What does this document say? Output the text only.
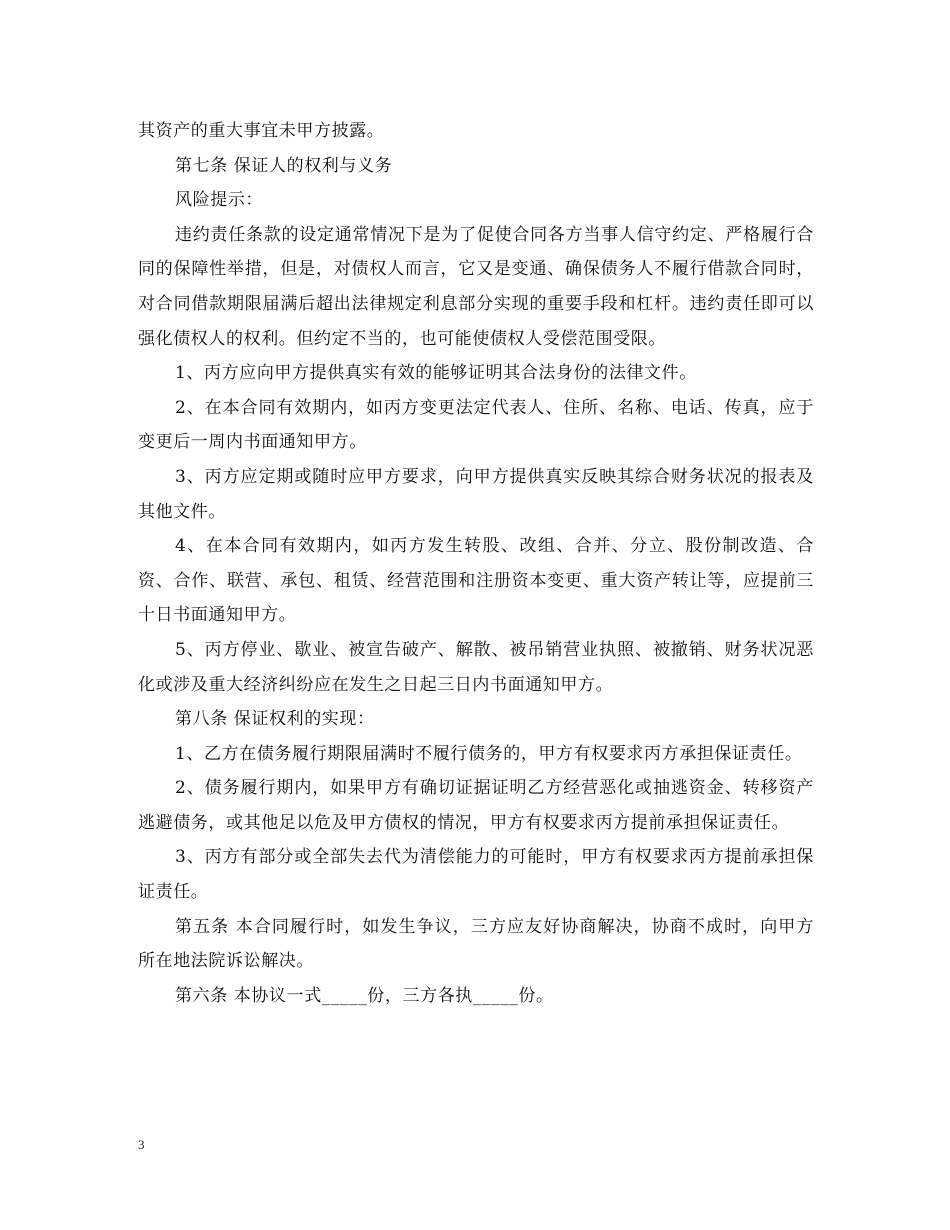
其资产的重大事宜未甲方披露。

第七条 保证人的权利与义务

风险提示：

违约责任条款的设定通常情况下是为了促使合同各方当事人信守约定、严格履行合同的保障性举措，但是，对债权人而言，它又是变通、确保债务人不履行借款合同时，对合同借款期限届满后超出法律规定利息部分实现的重要手段和杠杆。违约责任即可以强化债权人的权利。但约定不当的，也可能使债权人受偿范围受限。

1、丙方应向甲方提供真实有效的能够证明其合法身份的法律文件。

2、在本合同有效期内，如丙方变更法定代表人、住所、名称、电话、传真，应于变更后一周内书面通知甲方。

3、丙方应定期或随时应甲方要求，向甲方提供真实反映其综合财务状况的报表及其他文件。

4、在本合同有效期内，如丙方发生转股、改组、合并、分立、股份制改造、合资、合作、联营、承包、租赁、经营范围和注册资本变更、重大资产转让等，应提前三十日书面通知甲方。

5、丙方停业、歇业、被宣告破产、解散、被吊销营业执照、被撤销、财务状况恶化或涉及重大经济纠纷应在发生之日起三日内书面通知甲方。

第八条 保证权利的实现：

1、乙方在债务履行期限届满时不履行债务的，甲方有权要求丙方承担保证责任。

2、债务履行期内，如果甲方有确切证据证明乙方经营恶化或抽逃资金、转移资产逃避债务，或其他足以危及甲方债权的情况，甲方有权要求丙方提前承担保证责任。

3、丙方有部分或全部失去代为清偿能力的可能时，甲方有权要求丙方提前承担保证责任。

第五条 本合同履行时，如发生争议，三方应友好协商解决，协商不成时，向甲方所在地法院诉讼解决。

第六条 本协议一式_____份，三方各执_____份。

3
